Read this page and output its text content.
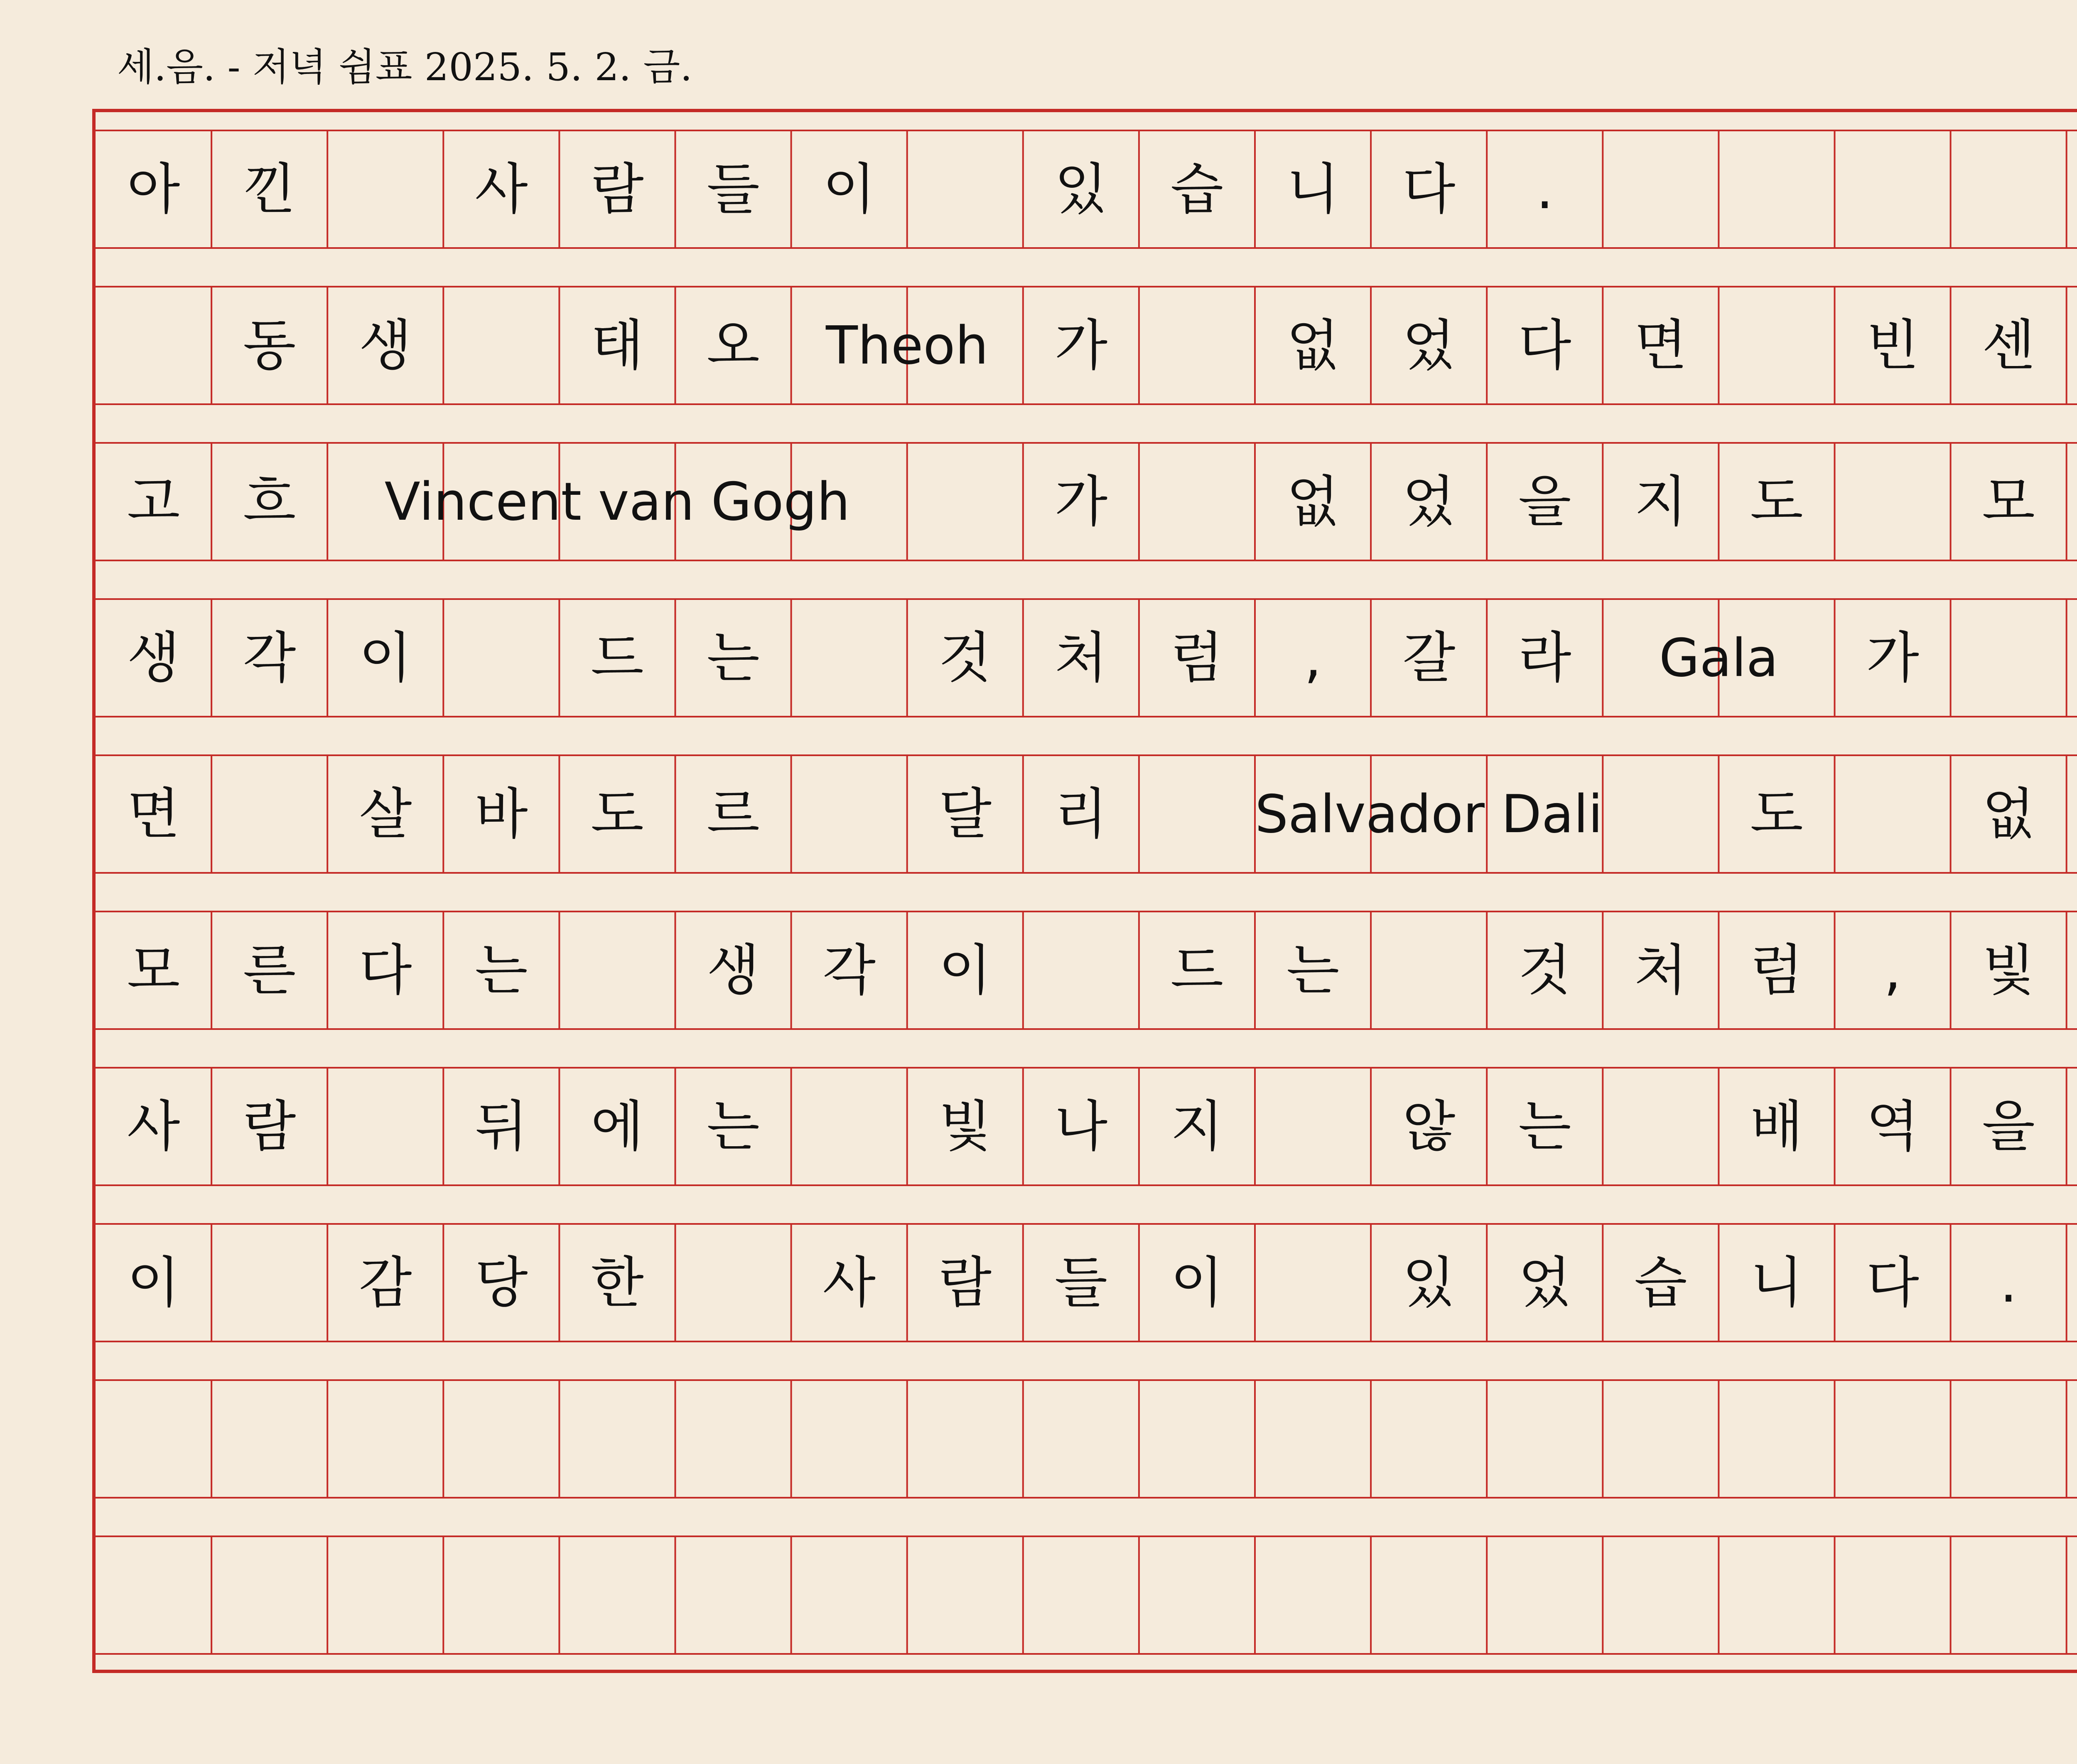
세.음. - 저녁 쉼표 2025. 5. 2. 금.
아	낀	사	람	들	이	있	습	니	다	.
동	생	태	오	Theoh	가	없	었	다	면	빈	센
고	흐	Vincent van Gogh	가	없	었	을	지	도	모
생	각	이	드	는	것	처	럼	,	갈	라	Gala	가
면	살	바	도	르	달	리	Salvador Dali	도	없
모	른	다	는	생	각	이	드	는	것	처	럼	,	빛
사	람	뒤	에	는	빛	나	지	않	는	배	역	을
이	감	당	한	사	람	들	이	있	었	습	니	다	.
